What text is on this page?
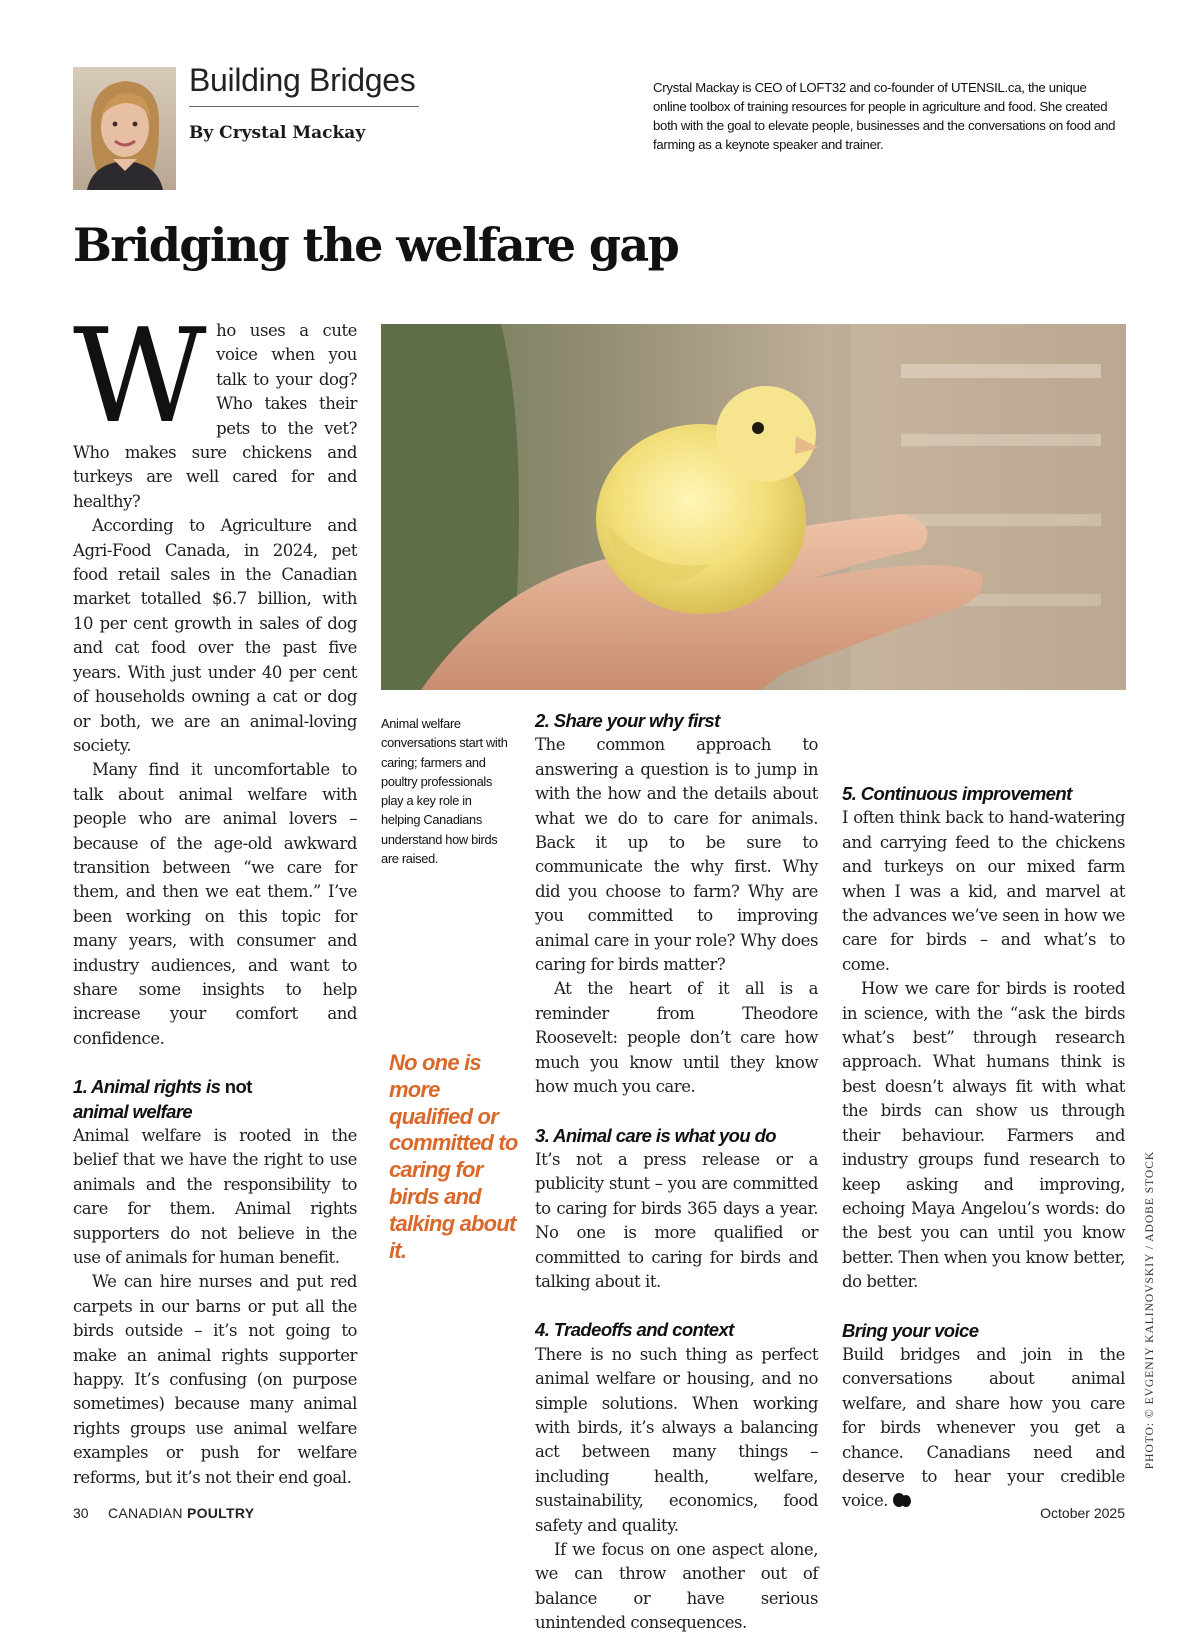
Building Bridges
By Crystal Mackay
Crystal Mackay is CEO of LOFT32 and co-founder of UTENSIL.ca, the unique online toolbox of training resources for people in agriculture and food. She created both with the goal to elevate people, businesses and the conversations on food and farming as a keynote speaker and trainer.
Bridging the welfare gap
W ho uses a cute voice when you talk to your dog? Who takes their pets to the vet? Who makes sure chickens and turkeys are well cared for and healthy?

According to Agriculture and Agri-Food Canada, in 2024, pet food retail sales in the Canadian market totalled $6.7 billion, with 10 per cent growth in sales of dog and cat food over the past five years. With just under 40 per cent of households owning a cat or dog or both, we are an animal-loving society.

Many find it uncomfortable to talk about animal welfare with people who are animal lovers – because of the age-old awkward transition between “we care for them, and then we eat them.” I’ve been working on this topic for many years, with consumer and industry audiences, and want to share some insights to help increase your comfort and confidence.

1. Animal rights is not
animal welfare

Animal welfare is rooted in the belief that we have the right to use animals and the responsibility to care for them. Animal rights supporters do not believe in the use of animals for human benefit.

We can hire nurses and put red carpets in our barns or put all the birds outside – it’s not going to make an animal rights supporter happy. It’s confusing (on purpose sometimes) because many animal rights groups use animal welfare examples or push for welfare reforms, but it’s not their end goal.

Animal welfare conversations start with caring; farmers and poultry professionals play a key role in helping Canadians understand how birds are raised.
No one is more qualified or committed to caring for birds and talking about it.
2. Share your why first

The common approach to answering a question is to jump in with the how and the details about what we do to care for animals. Back it up to be sure to communicate the why first. Why did you choose to farm? Why are you committed to improving animal care in your role? Why does caring for birds matter?

At the heart of it all is a reminder from Theodore Roosevelt: people don’t care how much you know until they know how much you care.

3. Animal care is what you do

It’s not a press release or a publicity stunt – you are committed to caring for birds 365 days a year. No one is more qualified or committed to caring for birds and talking about it.

4. Tradeoffs and context

There is no such thing as perfect animal welfare or housing, and no simple solutions. When working with birds, it’s always a balancing act between many things – including health, welfare, sustainability, economics, food safety and quality.

If we focus on one aspect alone, we can throw another out of balance or have serious unintended consequences.

5. Continuous improvement

I often think back to hand-watering and carrying feed to the chickens and turkeys on our mixed farm when I was a kid, and marvel at the advances we’ve seen in how we care for birds – and what’s to come.

How we care for birds is rooted in science, with the “ask the birds what’s best” through research approach. What humans think is best doesn’t always fit with what the birds can show us through their behaviour. Farmers and industry groups fund research to keep asking and improving, echoing Maya Angelou’s words: do the best you can until you know better. Then when you know better, do better.

Bring your voice

Build bridges and join in the conversations about animal welfare, and share how you care for birds whenever you get a chance. Canadians need and deserve to hear your credible voice.

PHOTO: © EVGENIY KALINOVSKIY / ADOBE STOCK
30 CANADIAN POULTRY	October 2025
